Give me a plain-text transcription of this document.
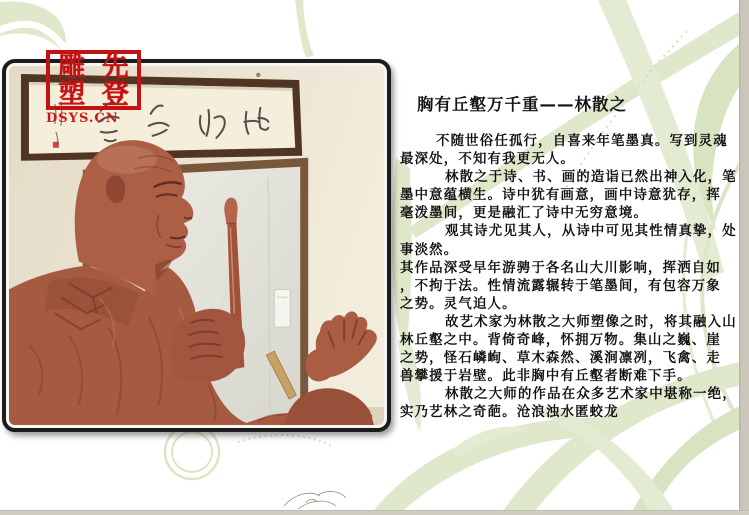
雕 先
塑 登
DSYS.CN
胸有丘壑万千重——林散之
不随世俗任孤行，自喜来年笔墨真。写到灵魂
最深处，不知有我更无人。
林散之于诗、书、画的造诣已然出神入化，笔
墨中意蕴横生。诗中犹有画意，画中诗意犹存，挥
毫泼墨间，更是融汇了诗中无穷意境。
观其诗尤见其人，从诗中可见其性情真挚，处
事淡然。
其作品深受早年游骋于各名山大川影响，挥洒自如
，不拘于法。性情流露辗转于笔墨间，有包容万象
之势。灵气迫人。
故艺术家为林散之大师塑像之时，将其融入山
林丘壑之中。背倚奇峰，怀拥万物。集山之巍、崖
之势，怪石嶙峋、草木森然、溪涧凛冽，飞禽、走
兽攀援于岩壁。此非胸中有丘壑者断难下手。
林散之大师的作品在众多艺术家中堪称一绝，
实乃艺林之奇葩。沧浪浊水匿蛟龙
